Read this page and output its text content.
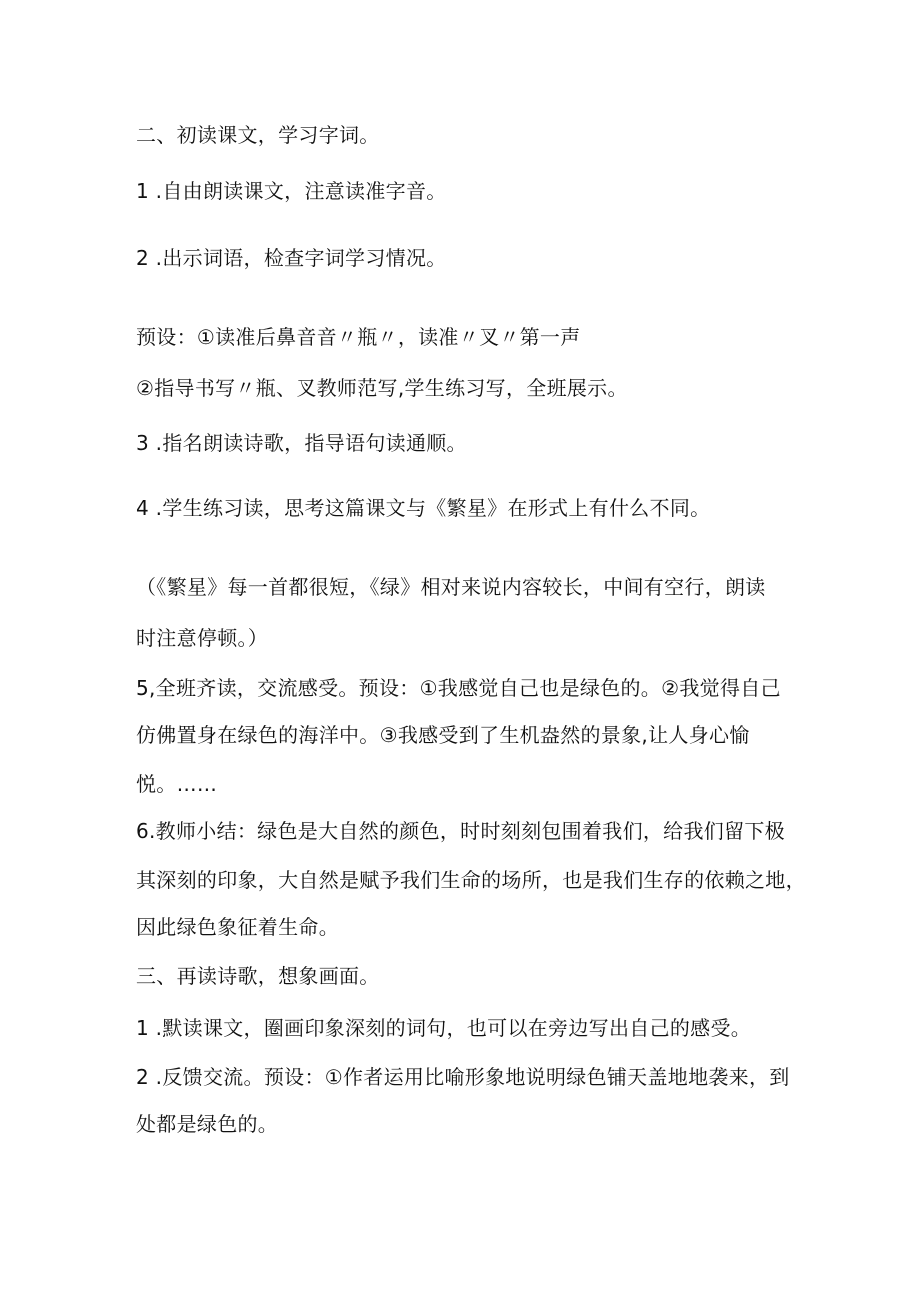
二、初读课文，学习字词。
1 .自由朗读课文，注意读准字音。
2 .出示词语，检查字词学习情况。
预设：①读准后鼻音音〃瓶〃，读准〃叉〃第一声
②指导书写〃瓶、叉教师范写,学生练习写，全班展示。
3 .指名朗读诗歌，指导语句读通顺。
4 .学生练习读，思考这篇课文与《繁星》在形式上有什么不同。
（《繁星》每一首都很短，《绿》相对来说内容较长，中间有空行，朗读
时注意停顿。）
5,全班齐读，交流感受。预设：①我感觉自己也是绿色的。②我觉得自己
仿佛置身在绿色的海洋中。③我感受到了生机盎然的景象,让人身心愉
悦。……
6.教师小结：绿色是大自然的颜色，时时刻刻包围着我们，给我们留下极
其深刻的印象，大自然是赋予我们生命的场所，也是我们生存的依赖之地，
因此绿色象征着生命。
三、再读诗歌，想象画面。
1 .默读课文，圈画印象深刻的词句，也可以在旁边写出自己的感受。
2 .反馈交流。预设：①作者运用比喻形象地说明绿色铺天盖地地袭来，到
处都是绿色的。
